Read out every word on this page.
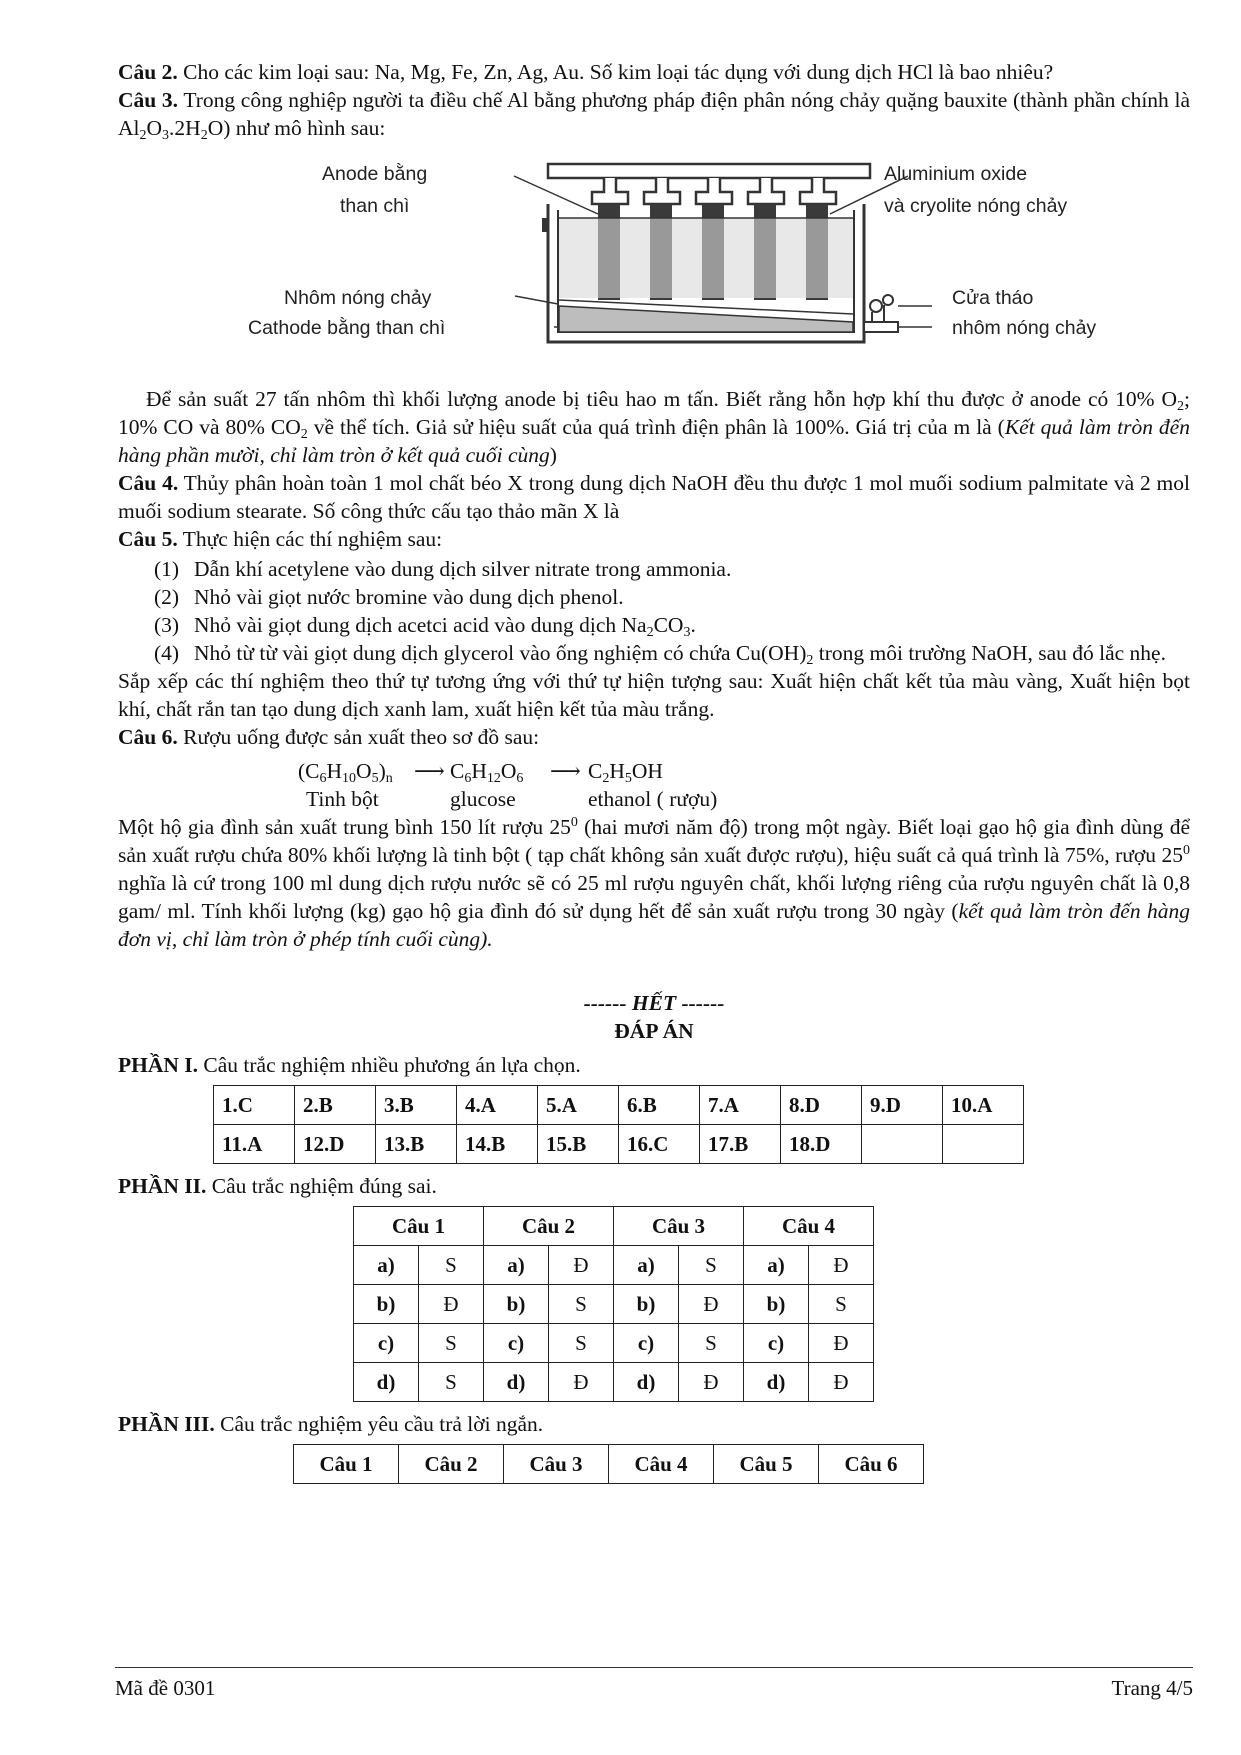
Câu 2. Cho các kim loại sau: Na, Mg, Fe, Zn, Ag, Au. Số kim loại tác dụng với dung dịch HCl là bao nhiêu?

Câu 3. Trong công nghiệp người ta điều chế Al bằng phương pháp điện phân nóng chảy quặng bauxite (thành phần chính là $Al_2O_3.2H_2O$) như mô hình sau:

Anode bằng
than chì
Aluminium oxide
và cryolite nóng chảy
Nhôm nóng chảy
Cathode bằng than chì
Cửa tháo
nhôm nóng chảy

Để sản suất 27 tấn nhôm thì khối lượng anode bị tiêu hao m tấn. Biết rằng hỗn hợp khí thu được ở anode có 10% $O_2$; 10% CO và 80% $CO_2$ về thể tích. Giả sử hiệu suất của quá trình điện phân là 100%. Giá trị của m là (Kết quả làm tròn đến hàng phần mười, chỉ làm tròn ở kết quả cuối cùng)

Câu 4. Thủy phân hoàn toàn 1 mol chất béo X trong dung dịch NaOH đều thu được 1 mol muối sodium palmitate và 2 mol muối sodium stearate. Số công thức cấu tạo thảo mãn X là

Câu 5. Thực hiện các thí nghiệm sau:

(1) Dẫn khí acetylene vào dung dịch silver nitrate trong ammonia.
(2) Nhỏ vài giọt nước bromine vào dung dịch phenol.
(3) Nhỏ vài giọt dung dịch acetci acid vào dung dịch $Na_2CO_3$.
(4) Nhỏ từ từ vài giọt dung dịch glycerol vào ống nghiệm có chứa $Cu(OH)_2$ trong môi trường NaOH, sau đó lắc nhẹ.

Sắp xếp các thí nghiệm theo thứ tự tương ứng với thứ tự hiện tượng sau: Xuất hiện chất kết tủa màu vàng, Xuất hiện bọt khí, chất rắn tan tạo dung dịch xanh lam, xuất hiện kết tủa màu trắng.

Câu 6. Rượu uống được sản xuất theo sơ đồ sau:

$(C_6H_{10}O_5)_n$ ⟶ $C_6H_{12}O_6$ ⟶ $C_2H_5OH$
Tinh bột	glucose	ethanol ( rượu)

Một hộ gia đình sản xuất trung bình 150 lít rượu $25^0$ (hai mươi năm độ) trong một ngày. Biết loại gạo hộ gia đình dùng để sản xuất rượu chứa 80% khối lượng là tinh bột ( tạp chất không sản xuất được rượu), hiệu suất cả quá trình là 75%, rượu $25^0$ nghĩa là cứ trong 100 ml dung dịch rượu nước sẽ có 25 ml rượu nguyên chất, khối lượng riêng của rượu nguyên chất là 0,8 gam/ ml. Tính khối lượng (kg) gạo hộ gia đình đó sử dụng hết để sản xuất rượu trong 30 ngày (kết quả làm tròn đến hàng đơn vị, chỉ làm tròn ở phép tính cuối cùng).

------ HẾT ------

ĐÁP ÁN

PHẦN I. Câu trắc nghiệm nhiều phương án lựa chọn.

1.C	2.B	3.B	4.A	5.A	6.B	7.A	8.D	9.D	10.A
11.A	12.D	13.B	14.B	15.B	16.C	17.B	18.D		

PHẦN II. Câu trắc nghiệm đúng sai.

Câu 1		Câu 2		Câu 3		Câu 4	
a)	S	a)	Đ	a)	S	a)	Đ
b)	Đ	b)	S	b)	Đ	b)	S
c)	S	c)	S	c)	S	c)	Đ
d)	S	d)	Đ	d)	Đ	d)	Đ

PHẦN III. Câu trắc nghiệm yêu cầu trả lời ngắn.

Câu 1	Câu 2	Câu 3	Câu 4	Câu 5	Câu 6
Mã đề 0301	Trang 4/5
